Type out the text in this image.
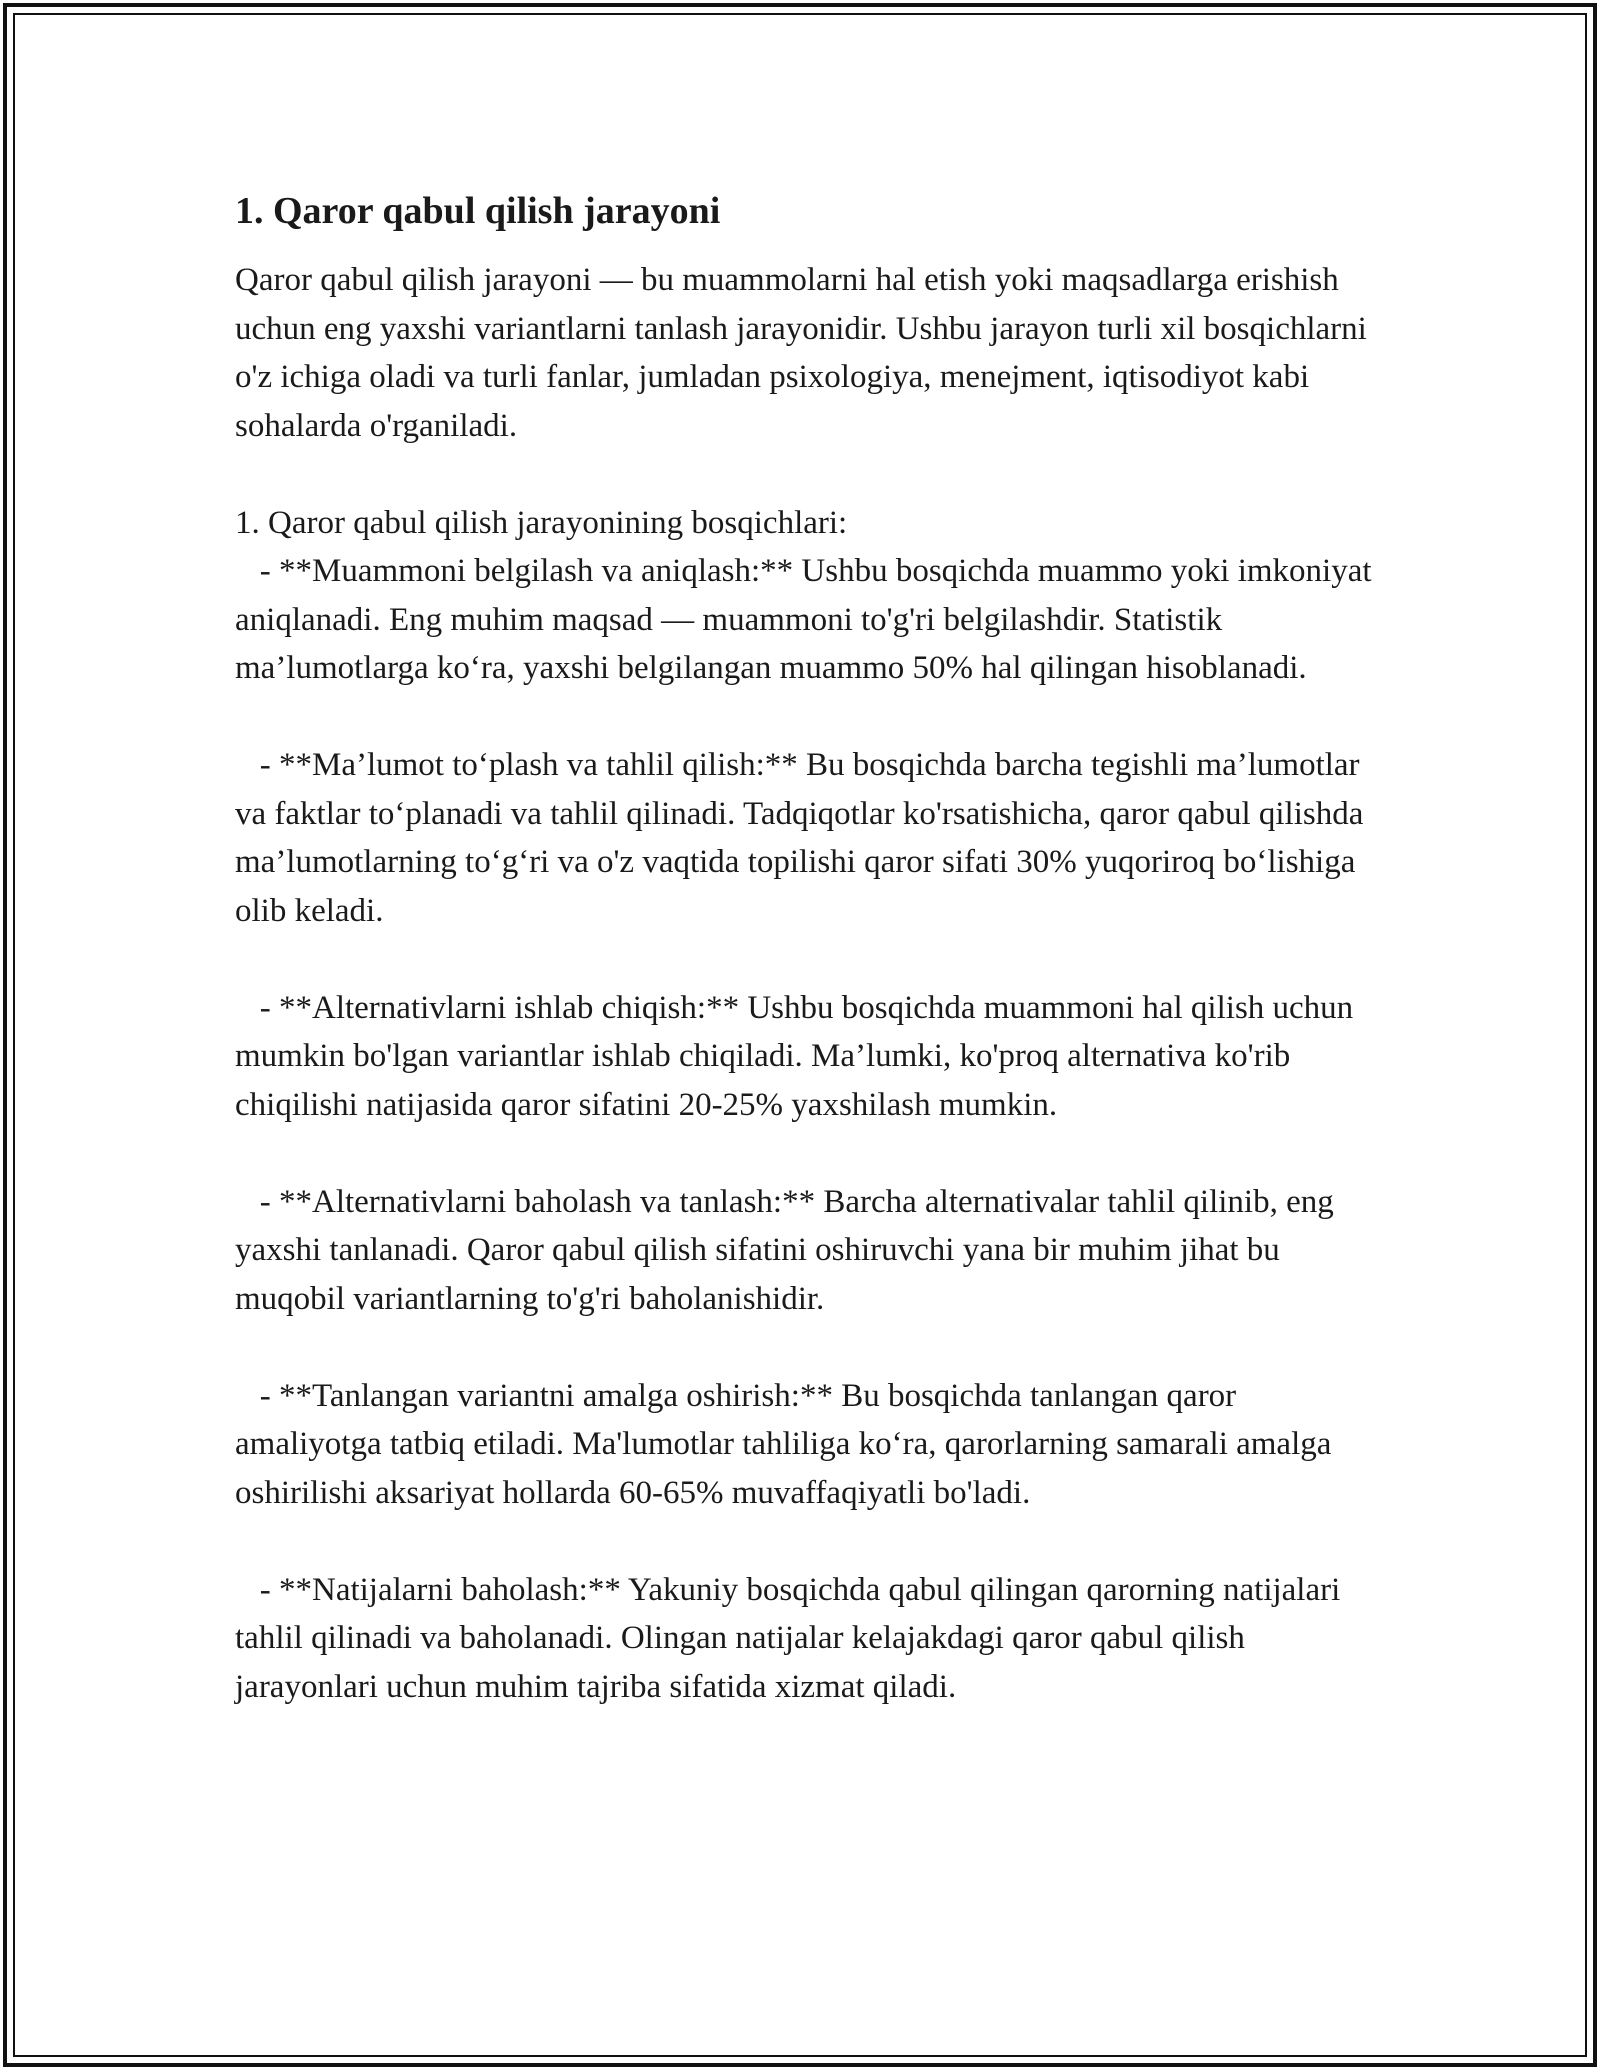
1. Qaror qabul qilish jarayoni

Qaror qabul qilish jarayoni — bu muammolarni hal etish yoki maqsadlarga erishish uchun eng yaxshi variantlarni tanlash jarayonidir. Ushbu jarayon turli xil bosqichlarni o'z ichiga oladi va turli fanlar, jumladan psixologiya, menejment, iqtisodiyot kabi sohalarda o'rganiladi.

1. Qaror qabul qilish jarayonining bosqichlari:

- **Muammoni belgilash va aniqlash:** Ushbu bosqichda muammo yoki imkoniyat aniqlanadi. Eng muhim maqsad — muammoni to'g'ri belgilashdir. Statistik ma’lumotlarga ko‘ra, yaxshi belgilangan muammo 50% hal qilingan hisoblanadi.

- **Ma’lumot to‘plash va tahlil qilish:** Bu bosqichda barcha tegishli ma’lumotlar va faktlar to‘planadi va tahlil qilinadi. Tadqiqotlar ko'rsatishicha, qaror qabul qilishda ma’lumotlarning to‘g‘ri va o'z vaqtida topilishi qaror sifati 30% yuqoriroq bo‘lishiga olib keladi.

- **Alternativlarni ishlab chiqish:** Ushbu bosqichda muammoni hal qilish uchun mumkin bo'lgan variantlar ishlab chiqiladi. Ma’lumki, ko'proq alternativa ko'rib chiqilishi natijasida qaror sifatini 20-25% yaxshilash mumkin.

- **Alternativlarni baholash va tanlash:** Barcha alternativalar tahlil qilinib, eng yaxshi tanlanadi. Qaror qabul qilish sifatini oshiruvchi yana bir muhim jihat bu muqobil variantlarning to'g'ri baholanishidir.

- **Tanlangan variantni amalga oshirish:** Bu bosqichda tanlangan qaror amaliyotga tatbiq etiladi. Ma'lumotlar tahliliga ko‘ra, qarorlarning samarali amalga oshirilishi aksariyat hollarda 60-65% muvaffaqiyatli bo'ladi.

- **Natijalarni baholash:** Yakuniy bosqichda qabul qilingan qarorning natijalari tahlil qilinadi va baholanadi. Olingan natijalar kelajakdagi qaror qabul qilish jarayonlari uchun muhim tajriba sifatida xizmat qiladi.
